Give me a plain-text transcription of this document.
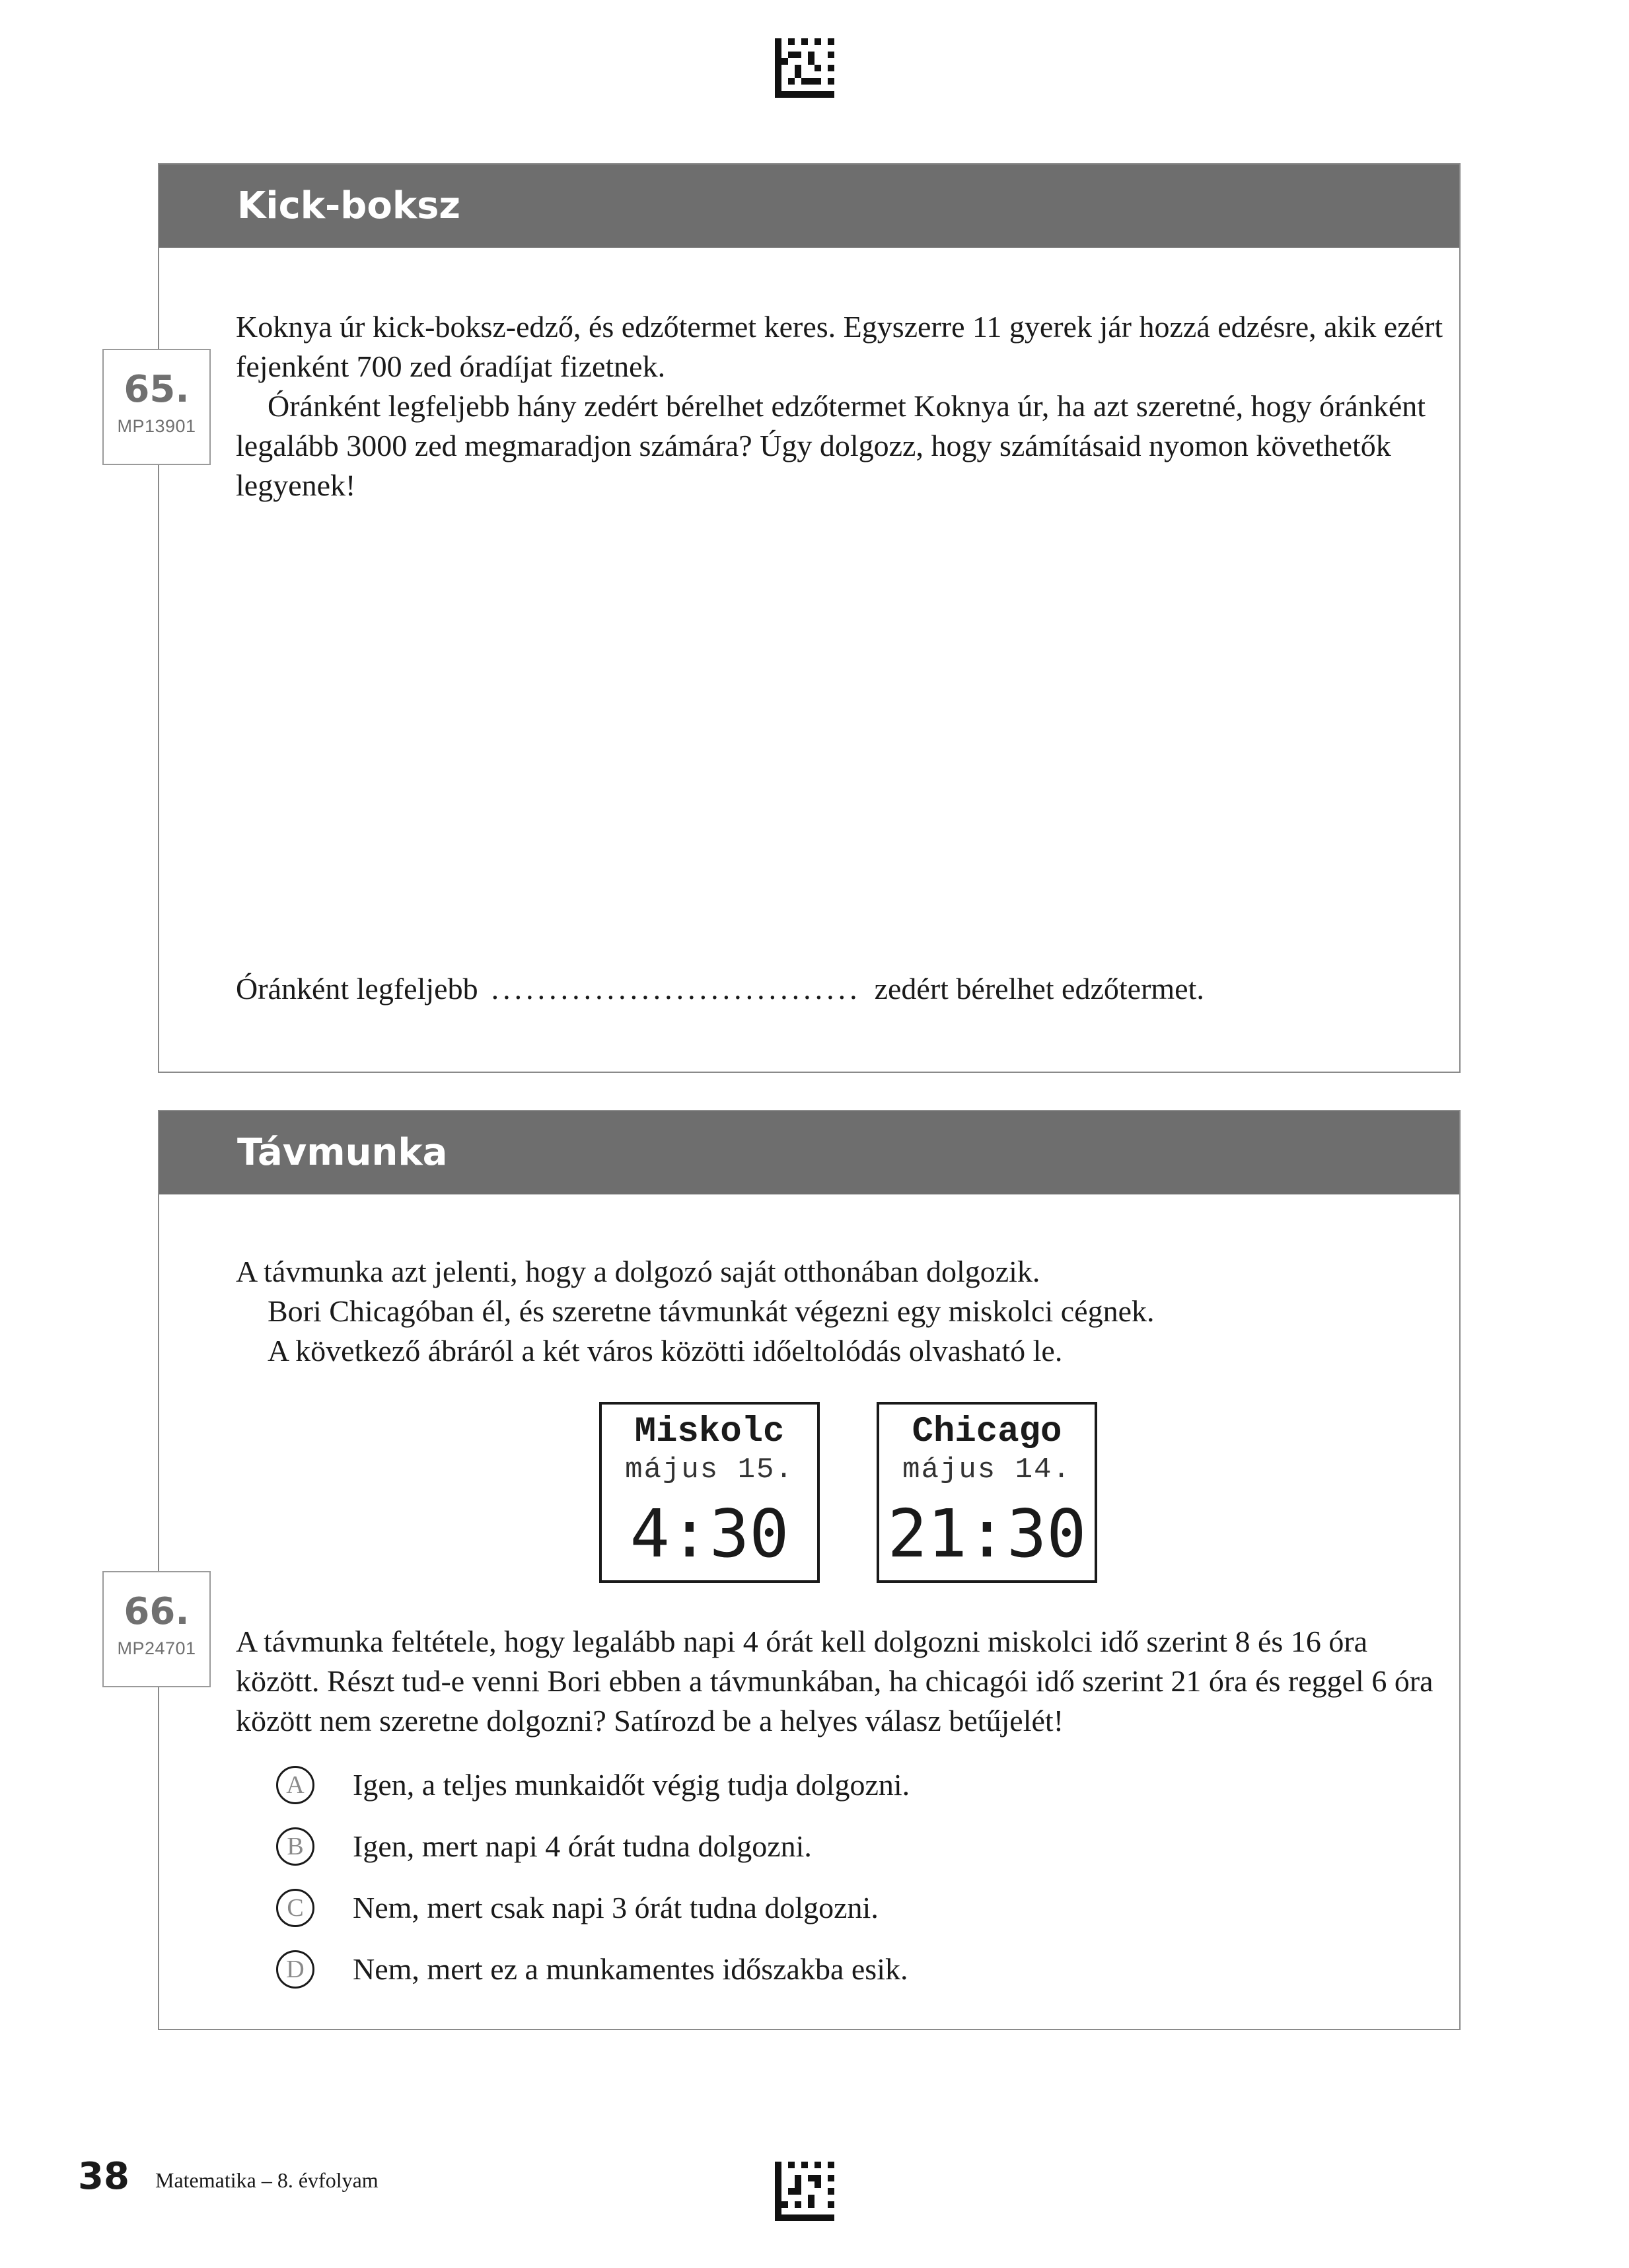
Kick-boksz
65.
MP13901

Koknya úr kick-boksz-edző, és edzőtermet keres. Egyszerre 11 gyerek jár hozzá edzésre, akik ezért fejenként 700 zed óradíjat fizetnek.

Óránként legfeljebb hány zedért bérelhet edzőtermet Koknya úr, ha azt szeretné, hogy óránként legalább 3000 zed megmaradjon számára? Úgy dolgozz, hogy számításaid nyomon követhetők legyenek!

Óránként legfeljebb ................................ zedért bérelhet edzőtermet.
Távmunka
66.
MP24701

A távmunka azt jelenti, hogy a dolgozó saját otthonában dolgozik.

Bori Chicagóban él, és szeretne távmunkát végezni egy miskolci cégnek.

A következő ábráról a két város közötti időeltolódás olvasható le.

Miskolc
május 15.
4:30
Chicago
május 14.
21:30

A távmunka feltétele, hogy legalább napi 4 órát kell dolgozni miskolci idő szerint 8 és 16 óra között. Részt tud-e venni Bori ebben a távmunkában, ha chicagói idő szerint 21 óra és reggel 6 óra között nem szeretne dolgozni? Satírozd be a helyes válasz betűjelét!

A	Igen, a teljes munkaidőt végig tudja dolgozni.
B	Igen, mert napi 4 órát tudna dolgozni.
C	Nem, mert csak napi 3 órát tudna dolgozni.
D	Nem, mert ez a munkamentes időszakba esik.
38 Matematika – 8. évfolyam
